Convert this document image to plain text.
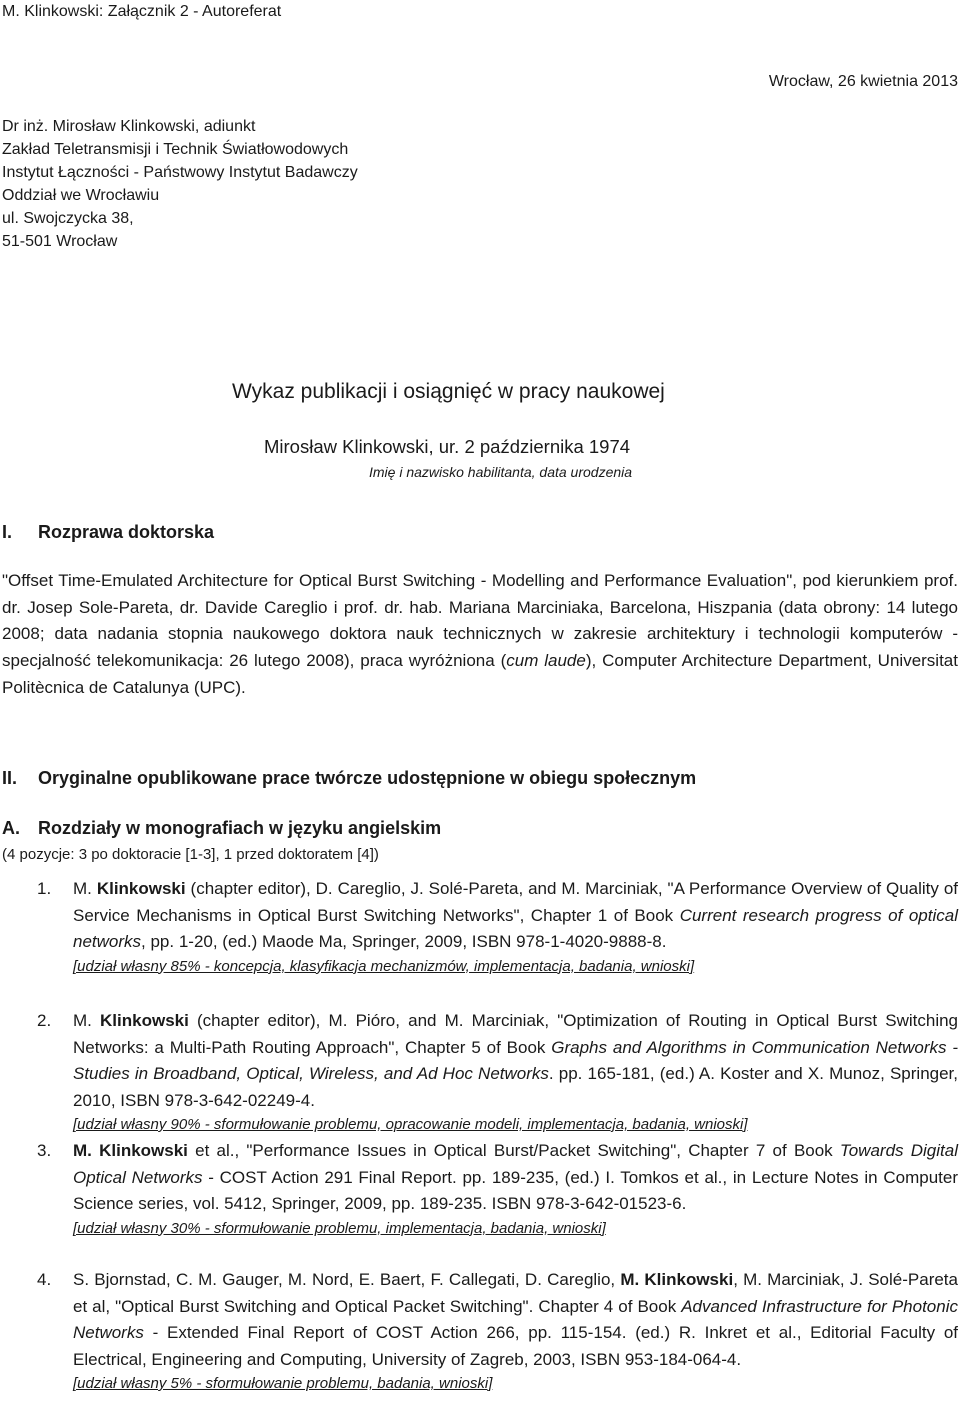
M. Klinkowski: Załącznik 2 - Autoreferat
Wrocław, 26 kwietnia 2013
Dr inż. Mirosław Klinkowski, adiunkt
Zakład Teletransmisji i Technik Światłowodowych
Instytut Łączności - Państwowy Instytut Badawczy
Oddział we Wrocławiu
ul. Swojczycka 38,
51-501 Wrocław
Wykaz publikacji i osiągnięć w pracy naukowej
Mirosław Klinkowski, ur. 2 października 1974
Imię i nazwisko habilitanta, data urodzenia
I. Rozprawa doktorska
"Offset Time-Emulated Architecture for Optical Burst Switching - Modelling and Performance Evaluation", pod kierunkiem prof. dr. Josep Sole-Pareta, dr. Davide Careglio i prof. dr. hab. Mariana Marciniaka, Barcelona, Hiszpania (data obrony: 14 lutego 2008; data nadania stopnia naukowego doktora nauk technicznych w zakresie architektury i technologii komputerów - specjalność telekomunikacja: 26 lutego 2008), praca wyróżniona (cum laude), Computer Architecture Department, Universitat Politècnica de Catalunya (UPC).
II. Oryginalne opublikowane prace twórcze udostępnione w obiegu społecznym
A. Rozdziały w monografiach w języku angielskim
(4 pozycje: 3 po doktoracie [1-3], 1 przed doktoratem [4])
1. M. Klinkowski (chapter editor), D. Careglio, J. Solé-Pareta, and M. Marciniak, "A Performance Overview of Quality of Service Mechanisms in Optical Burst Switching Networks", Chapter 1 of Book Current research progress of optical networks, pp. 1-20, (ed.) Maode Ma, Springer, 2009, ISBN 978-1-4020-9888-8.
[udział własny 85% - koncepcja, klasyfikacja mechanizmów, implementacja, badania, wnioski]
2. M. Klinkowski (chapter editor), M. Pióro, and M. Marciniak, "Optimization of Routing in Optical Burst Switching Networks: a Multi-Path Routing Approach", Chapter 5 of Book Graphs and Algorithms in Communication Networks - Studies in Broadband, Optical, Wireless, and Ad Hoc Networks. pp. 165-181, (ed.) A. Koster and X. Munoz, Springer, 2010, ISBN 978-3-642-02249-4.
[udział własny 90% - sformułowanie problemu, opracowanie modeli, implementacja, badania, wnioski]
3. M. Klinkowski et al., "Performance Issues in Optical Burst/Packet Switching", Chapter 7 of Book Towards Digital Optical Networks - COST Action 291 Final Report. pp. 189-235, (ed.) I. Tomkos et al., in Lecture Notes in Computer Science series, vol. 5412, Springer, 2009, pp. 189-235. ISBN 978-3-642-01523-6.
[udział własny 30% - sformułowanie problemu, implementacja, badania, wnioski]
4. S. Bjornstad, C. M. Gauger, M. Nord, E. Baert, F. Callegati, D. Careglio, M. Klinkowski, M. Marciniak, J. Solé-Pareta et al, "Optical Burst Switching and Optical Packet Switching". Chapter 4 of Book Advanced Infrastructure for Photonic Networks - Extended Final Report of COST Action 266, pp. 115-154. (ed.) R. Inkret et al., Editorial Faculty of Electrical, Engineering and Computing, University of Zagreb, 2003, ISBN 953-184-064-4.
[udział własny 5% - sformułowanie problemu, badania, wnioski]
